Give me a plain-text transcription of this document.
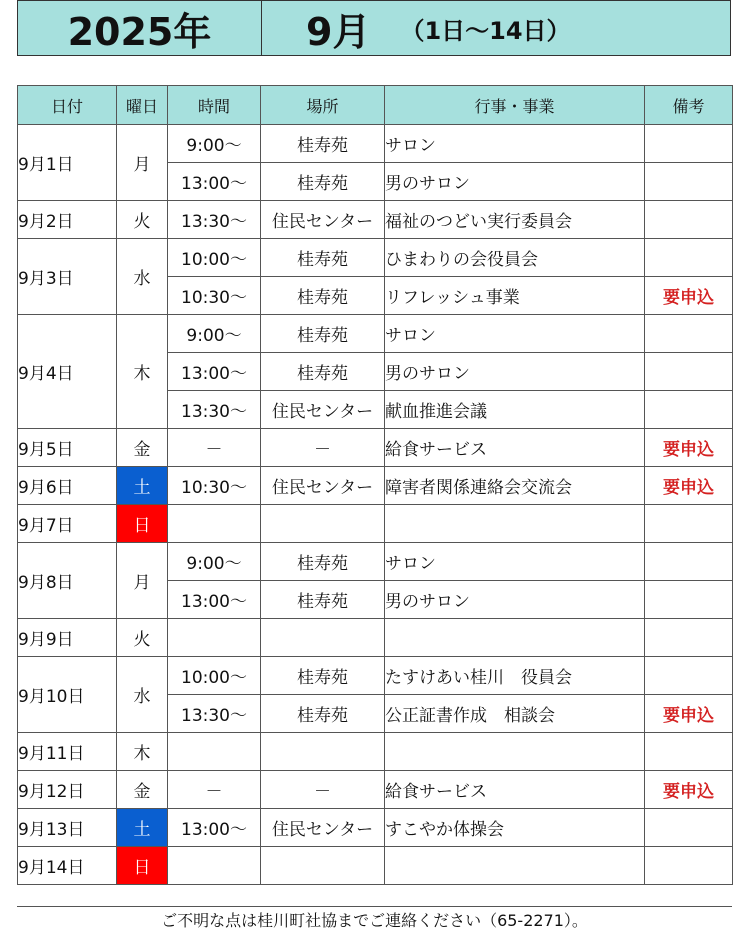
2025年	9月 （1日～14日）
日付	曜日	時間	場所	行事・事業	備考
9月1日	月	9:00～	桂寿苑	サロン	
		13:00～	桂寿苑	男のサロン	
9月2日	火	13:30～	住民センター	福祉のつどい実行委員会	
9月3日	水	10:00～	桂寿苑	ひまわりの会役員会	
		10:30～	桂寿苑	リフレッシュ事業	要申込
9月4日	木	9:00～	桂寿苑	サロン	
		13:00～	桂寿苑	男のサロン	
		13:30～	住民センター	献血推進会議	
9月5日	金	－	－	給食サービス	要申込
9月6日	土	10:30～	住民センター	障害者関係連絡会交流会	要申込
9月7日	日				
9月8日	月	9:00～	桂寿苑	サロン	
		13:00～	桂寿苑	男のサロン	
9月9日	火				
9月10日	水	10:00～	桂寿苑	たすけあい桂川　役員会	
		13:30～	桂寿苑	公正証書作成　相談会	要申込
9月11日	木				
9月12日	金	－	－	給食サービス	要申込
9月13日	土	13:00～	住民センター	すこやか体操会	
9月14日	日				
ご不明な点は桂川町社協までご連絡ください（65-2271）。
